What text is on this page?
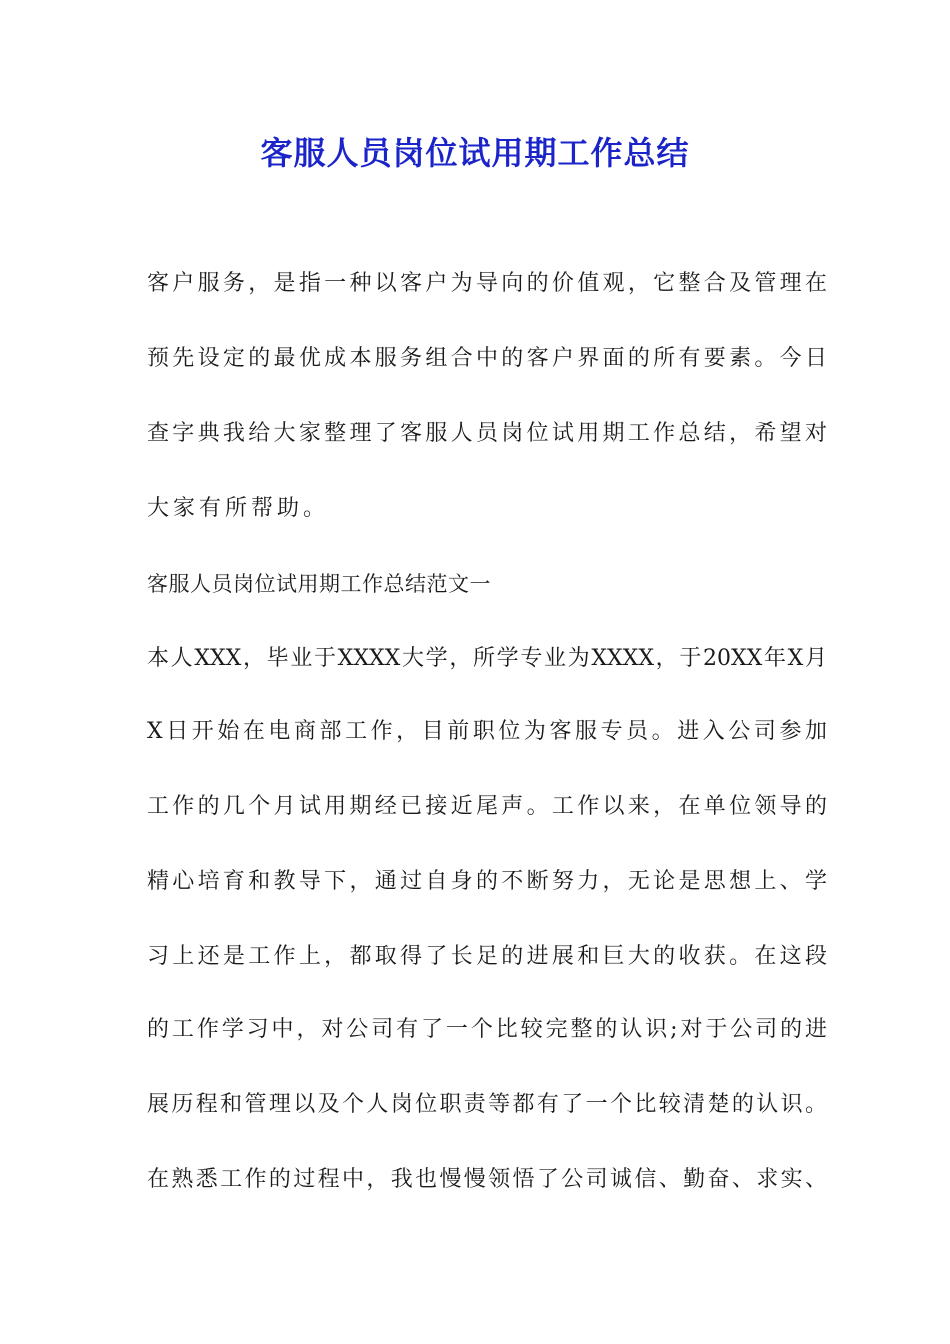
客服人员岗位试用期工作总结
客户服务，是指一种以客户为导向的价值观，它整合及管理在
预先设定的最优成本服务组合中的客户界面的所有要素。今日
查字典我给大家整理了客服人员岗位试用期工作总结，希望对
大家有所帮助。
客服人员岗位试用期工作总结范文一
本人XXX，毕业于XXXX大学，所学专业为XXXX，于20XX年X月
X日开始在电商部工作，目前职位为客服专员。进入公司参加
工作的几个月试用期经已接近尾声。工作以来，在单位领导的
精心培育和教导下，通过自身的不断努力，无论是思想上、学
习上还是工作上，都取得了长足的进展和巨大的收获。在这段
的工作学习中，对公司有了一个比较完整的认识;对于公司的进
展历程和管理以及个人岗位职责等都有了一个比较清楚的认识。
在熟悉工作的过程中，我也慢慢领悟了公司诚信、勤奋、求实、
